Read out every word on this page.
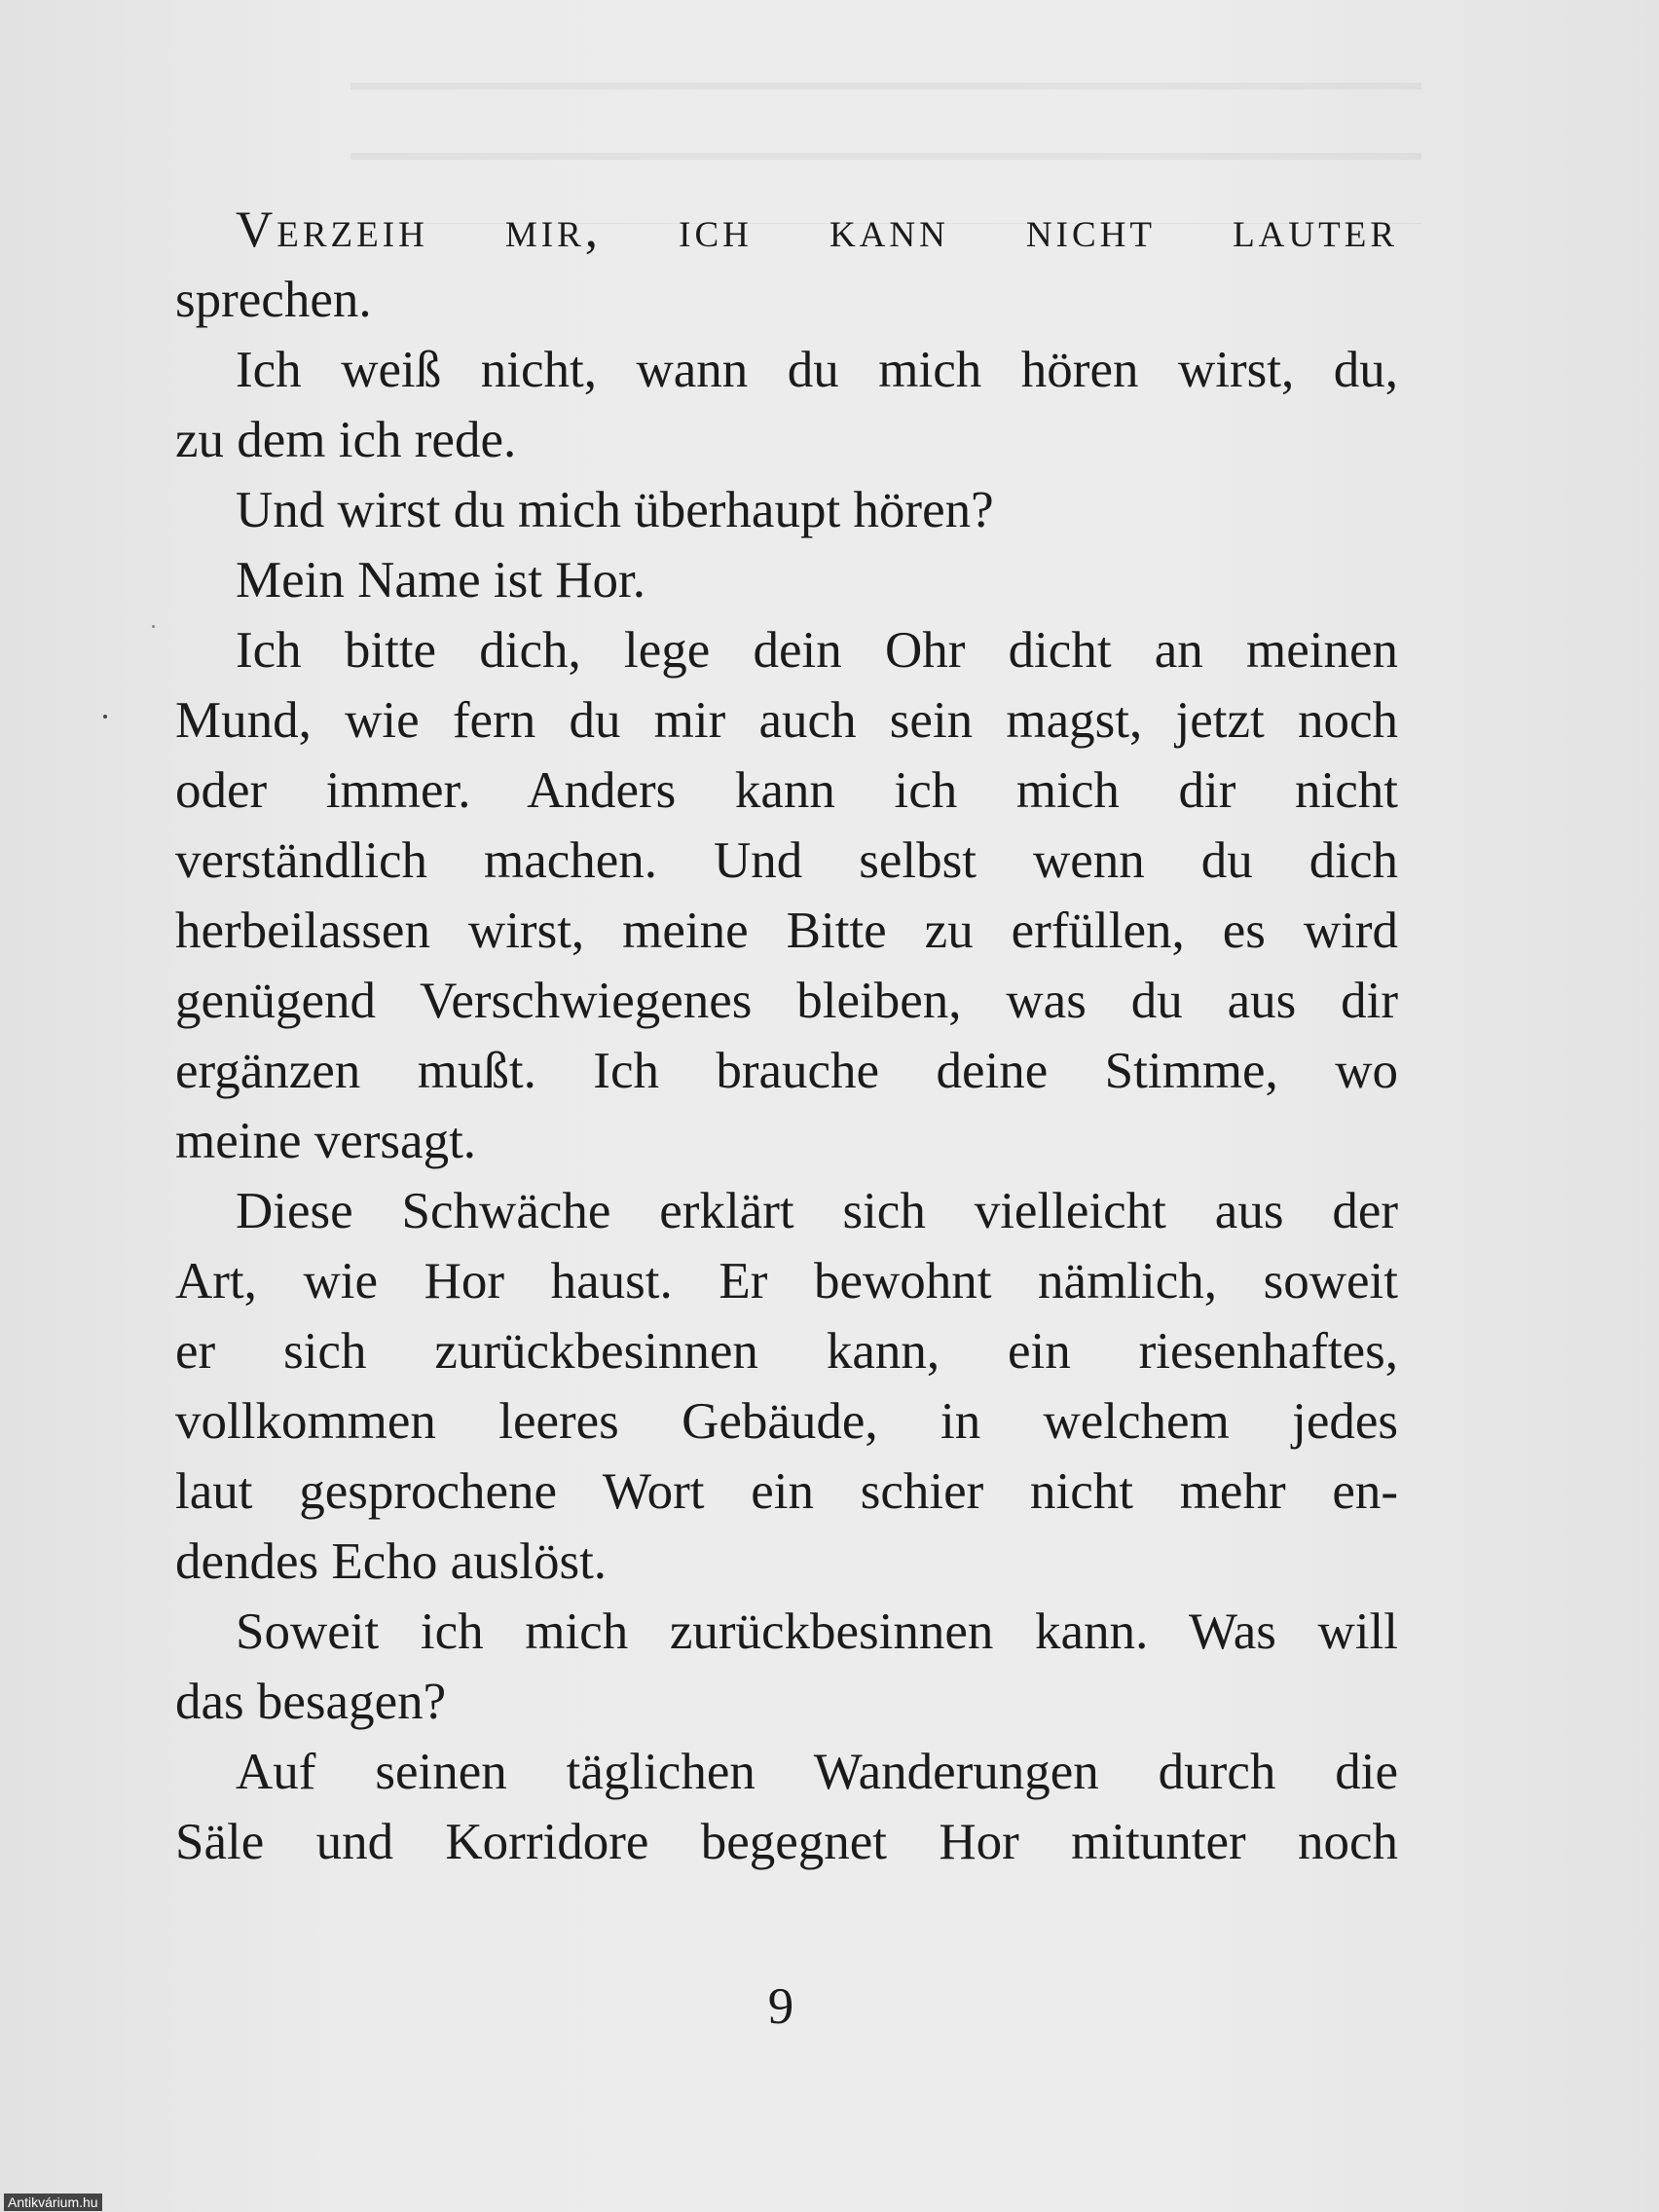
Verzeih mir, ich kann nicht lauter
sprechen.
Ich weiß nicht, wann du mich hören wirst, du,
zu dem ich rede.
Und wirst du mich überhaupt hören?
Mein Name ist Hor.
Ich bitte dich, lege dein Ohr dicht an meinen
Mund, wie fern du mir auch sein magst, jetzt noch
oder immer. Anders kann ich mich dir nicht
verständlich machen. Und selbst wenn du dich
herbeilassen wirst, meine Bitte zu erfüllen, es wird
genügend Verschwiegenes bleiben, was du aus dir
ergänzen mußt. Ich brauche deine Stimme, wo
meine versagt.
Diese Schwäche erklärt sich vielleicht aus der
Art, wie Hor haust. Er bewohnt nämlich, soweit
er sich zurückbesinnen kann, ein riesenhaftes,
vollkommen leeres Gebäude, in welchem jedes
laut gesprochene Wort ein schier nicht mehr en-
dendes Echo auslöst.
Soweit ich mich zurückbesinnen kann. Was will
das besagen?
Auf seinen täglichen Wanderungen durch die
Säle und Korridore begegnet Hor mitunter noch
9
Antikvárium.hu
